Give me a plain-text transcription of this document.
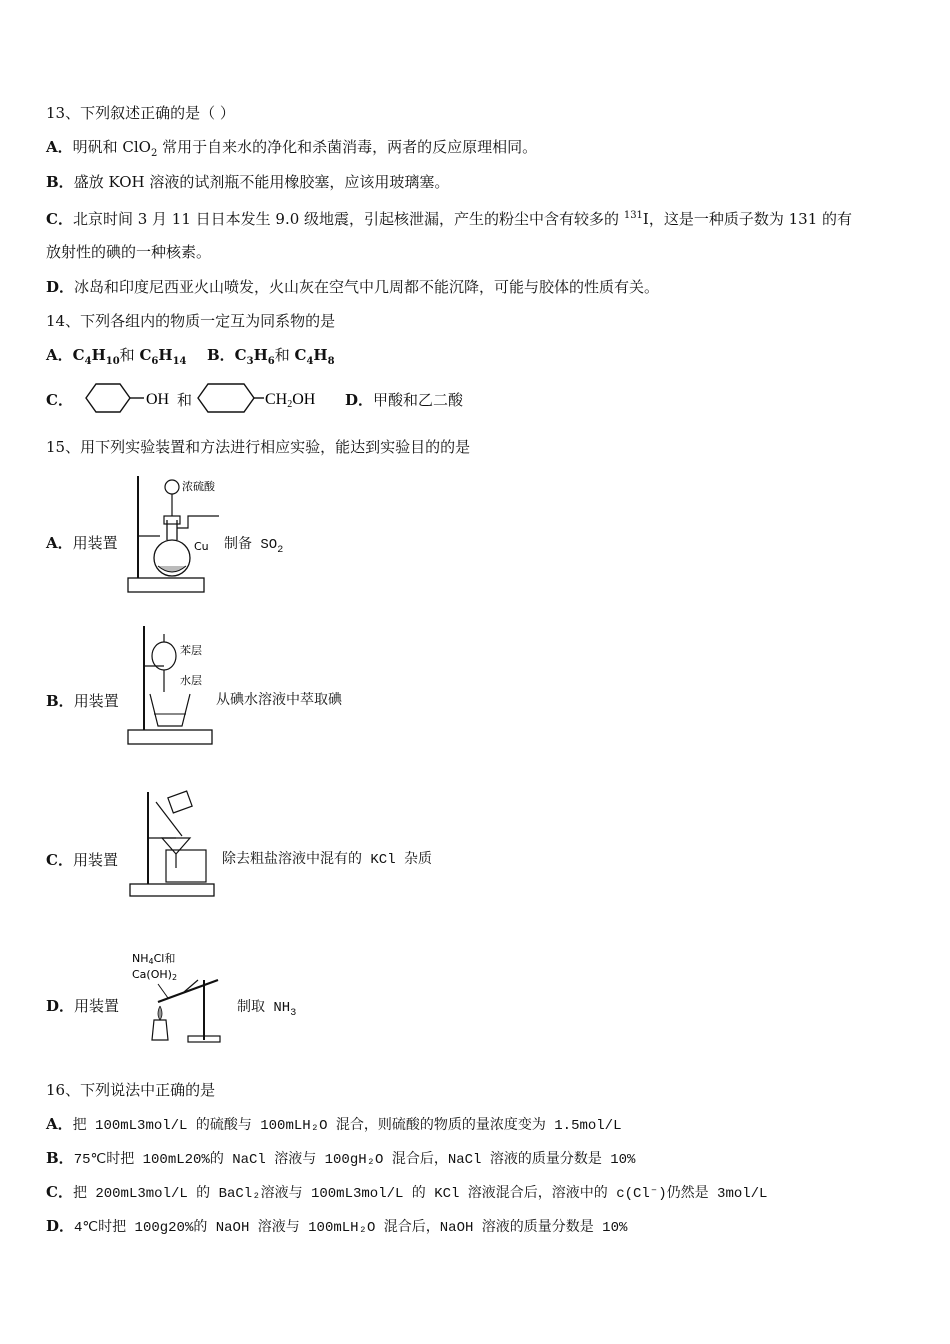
13、下列叙述正确的是（ ）
A．明矾和 ClO$_2$ 常用于自来水的净化和杀菌消毒，两者的反应原理相同。
B．盛放 KOH 溶液的试剂瓶不能用橡胶塞，应该用玻璃塞。
C．北京时间 3 月 11 日日本发生 9.0 级地震，引起核泄漏，产生的粉尘中含有较多的 $^{131}$I，这是一种质子数为 131 的有
放射性的碘的一种核素。
D．冰岛和印度尼西亚火山喷发，火山灰在空气中几周都不能沉降，可能与胶体的性质有关。
14、下列各组内的物质一定互为同系物的是
A．$C_4H_{10}$和 $C_6H_{14}$ B．$C_3H_6$和 $C_4H_8$
C．	OH 和	CH2OH D．甲酸和乙二酸
15、用下列实验装置和方法进行相应实验，能达到实验目的的是
A．用装置
浓硫酸
Cu 制备 $SO_2$
B．用装置
苯层
水层
从碘水溶液中萃取碘
C．用装置	除去粗盐溶液中混有的 KCl 杂质
D．用装置
NH4Cl和
Ca(OH)2
制取 $NH_3$
16、下列说法中正确的是
A．把 100mL3mol/L 的硫酸与 100mLH₂O 混合，则硫酸的物质的量浓度变为 1.5mol/L
B．75℃时把 100mL20%的 NaCl 溶液与 100gH₂O 混合后，NaCl 溶液的质量分数是 10%
C．把 200mL3mol/L 的 BaCl₂溶液与 100mL3mol/L 的 KCl 溶液混合后，溶液中的 c(Cl⁻)仍然是 3mol/L
D．4℃时把 100g20%的 NaOH 溶液与 100mLH₂O 混合后，NaOH 溶液的质量分数是 10%
